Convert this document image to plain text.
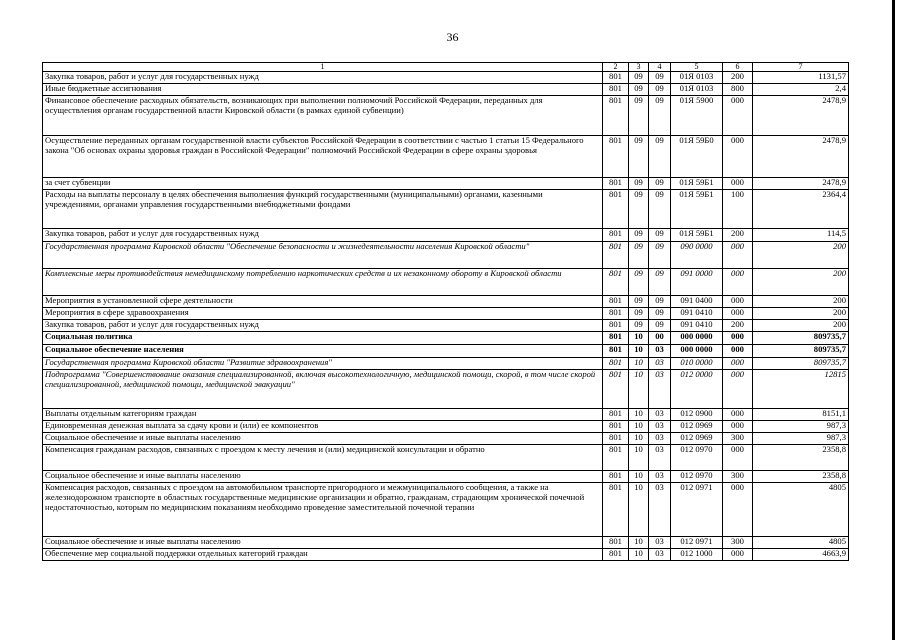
36
1	2	3	4	5	6	7
Закупка товаров, работ и услуг для государственных нужд	801	09	09	01Я 0103	200	1131,57
Иные бюджетные ассигнования	801	09	09	01Я 0103	800	2,4
Финансовое обеспечение расходных обязательств, возникающих при выполнении полномочий Российской Федерации, переданных для осуществления органам государственной власти Кировской области (в рамках единой субвенции)	801	09	09	01Я 5900	000	2478,9
Осуществление переданных органам государственной власти субъектов Российской Федерации в соответствии с частью 1 статьи 15 Федерального закона "Об основах охраны здоровья граждан в Российской Федерации" полномочий Российской Федерации в сфере охраны здоровья	801	09	09	01Я 59Б0	000	2478,9
за счет субвенции	801	09	09	01Я 59Б1	000	2478,9
Расходы на выплаты персоналу в целях обеспечения выполнения функций государственными (муниципальными) органами, казенными учреждениями, органами управления государственными внебюджетными фондами	801	09	09	01Я 59Б1	100	2364,4
Закупка товаров, работ и услуг для государственных нужд	801	09	09	01Я 59Б1	200	114,5
Государственная программа Кировской области "Обеспечение безопасности и жизнедеятельности населения Кировской области"	801	09	09	090 0000	000	200
Комплексные меры противодействия немедицинскому потреблению наркотических средств и их незаконному обороту в Кировской области	801	09	09	091 0000	000	200
Мероприятия в установленной сфере деятельности	801	09	09	091 0400	000	200
Мероприятия в сфере здравоохранения	801	09	09	091 0410	000	200
Закупка товаров, работ и услуг для государственных нужд	801	09	09	091 0410	200	200
Социальная политика	801	10	00	000 0000	000	809735,7
Социальное обеспечение населения	801	10	03	000 0000	000	809735,7
Государственная программа Кировской области "Развитие здравоохранения"	801	10	03	010 0000	000	809735,7
Подпрограмма "Совершенствование оказания специализированной, включая высокотехнологичную, медицинской помощи, скорой, в том числе скорой специализированной, медицинской помощи, медицинской эвакуации"	801	10	03	012 0000	000	12815
Выплаты отдельным категориям граждан	801	10	03	012 0900	000	8151,1
Единовременная денежная выплата за сдачу крови и (или) ее компонентов	801	10	03	012 0969	000	987,3
Социальное обеспечение и иные выплаты населению	801	10	03	012 0969	300	987,3
Компенсация гражданам расходов, связанных с проездом к месту лечения и (или) медицинской консультации и обратно	801	10	03	012 0970	000	2358,8
Социальное обеспечение и иные выплаты населению	801	10	03	012 0970	300	2358,8
Компенсация расходов, связанных с проездом на автомобильном транспорте пригородного и межмуниципального сообщения, а также на железнодорожном транспорте в областных государственные медицинские организации и обратно, гражданам, страдающим хронической почечной недостаточностью, которым по медицинским показаниям необходимо проведение заместительной почечной терапии	801	10	03	012 0971	000	4805
Социальное обеспечение и иные выплаты населению	801	10	03	012 0971	300	4805
Обеспечение мер социальной поддержки отдельных категорий граждан	801	10	03	012 1000	000	4663,9
